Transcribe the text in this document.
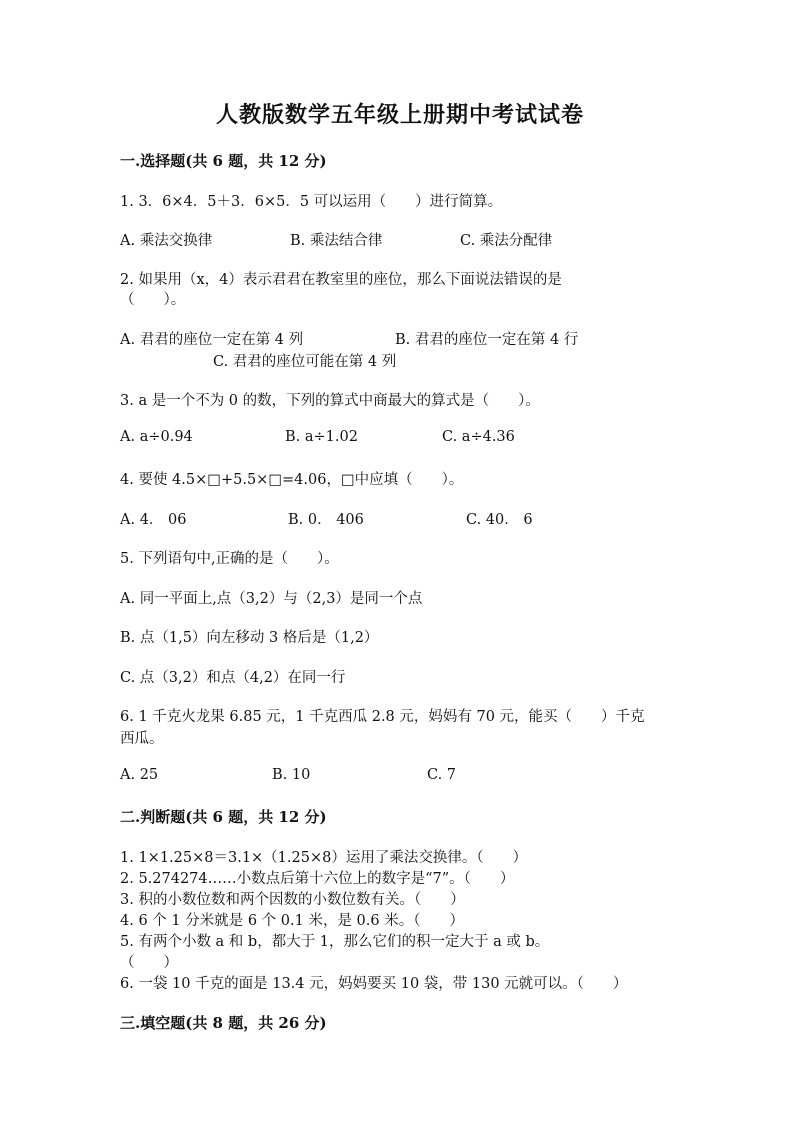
人教版数学五年级上册期中考试试卷
一.选择题(共 6 题，共 12 分)
1. 3．6×4．5＋3．6×5．5 可以运用（　　）进行简算。
A. 乘法交换律	B. 乘法结合律	C. 乘法分配律
2. 如果用（x，4）表示君君在教室里的座位，那么下面说法错误的是
（　　）。
A. 君君的座位一定在第 4 列	B. 君君的座位一定在第 4 行
C. 君君的座位可能在第 4 列
3. a 是一个不为 0 的数，下列的算式中商最大的算式是（　　）。
A. a÷0.94	B. a÷1.02	C. a÷4.36
4. 要使 4.5×□+5.5×□=4.06，□中应填（　　）。
A. 4． 06	B. 0． 406	C. 40． 6
5. 下列语句中,正确的是（　　）。
A. 同一平面上,点（3,2）与（2,3）是同一个点
B. 点（1,5）向左移动 3 格后是（1,2）
C. 点（3,2）和点（4,2）在同一行
6. 1 千克火龙果 6.85 元，1 千克西瓜 2.8 元，妈妈有 70 元，能买（　　）千克
西瓜。
A. 25	B. 10	C. 7
二.判断题(共 6 题，共 12 分)
1. 1×1.25×8＝3.1×（1.25×8）运用了乘法交换律。（　　）
2. 5.274274……小数点后第十六位上的数字是“7”。（　　）
3. 积的小数位数和两个因数的小数位数有关。（　　）
4. 6 个 1 分米就是 6 个 0.1 米，是 0.6 米。（　　）
5. 有两个小数 a 和 b，都大于 1，那么它们的积一定大于 a 或 b。
（　　）
6. 一袋 10 千克的面是 13.4 元，妈妈要买 10 袋，带 130 元就可以。（　　）
三.填空题(共 8 题，共 26 分)
